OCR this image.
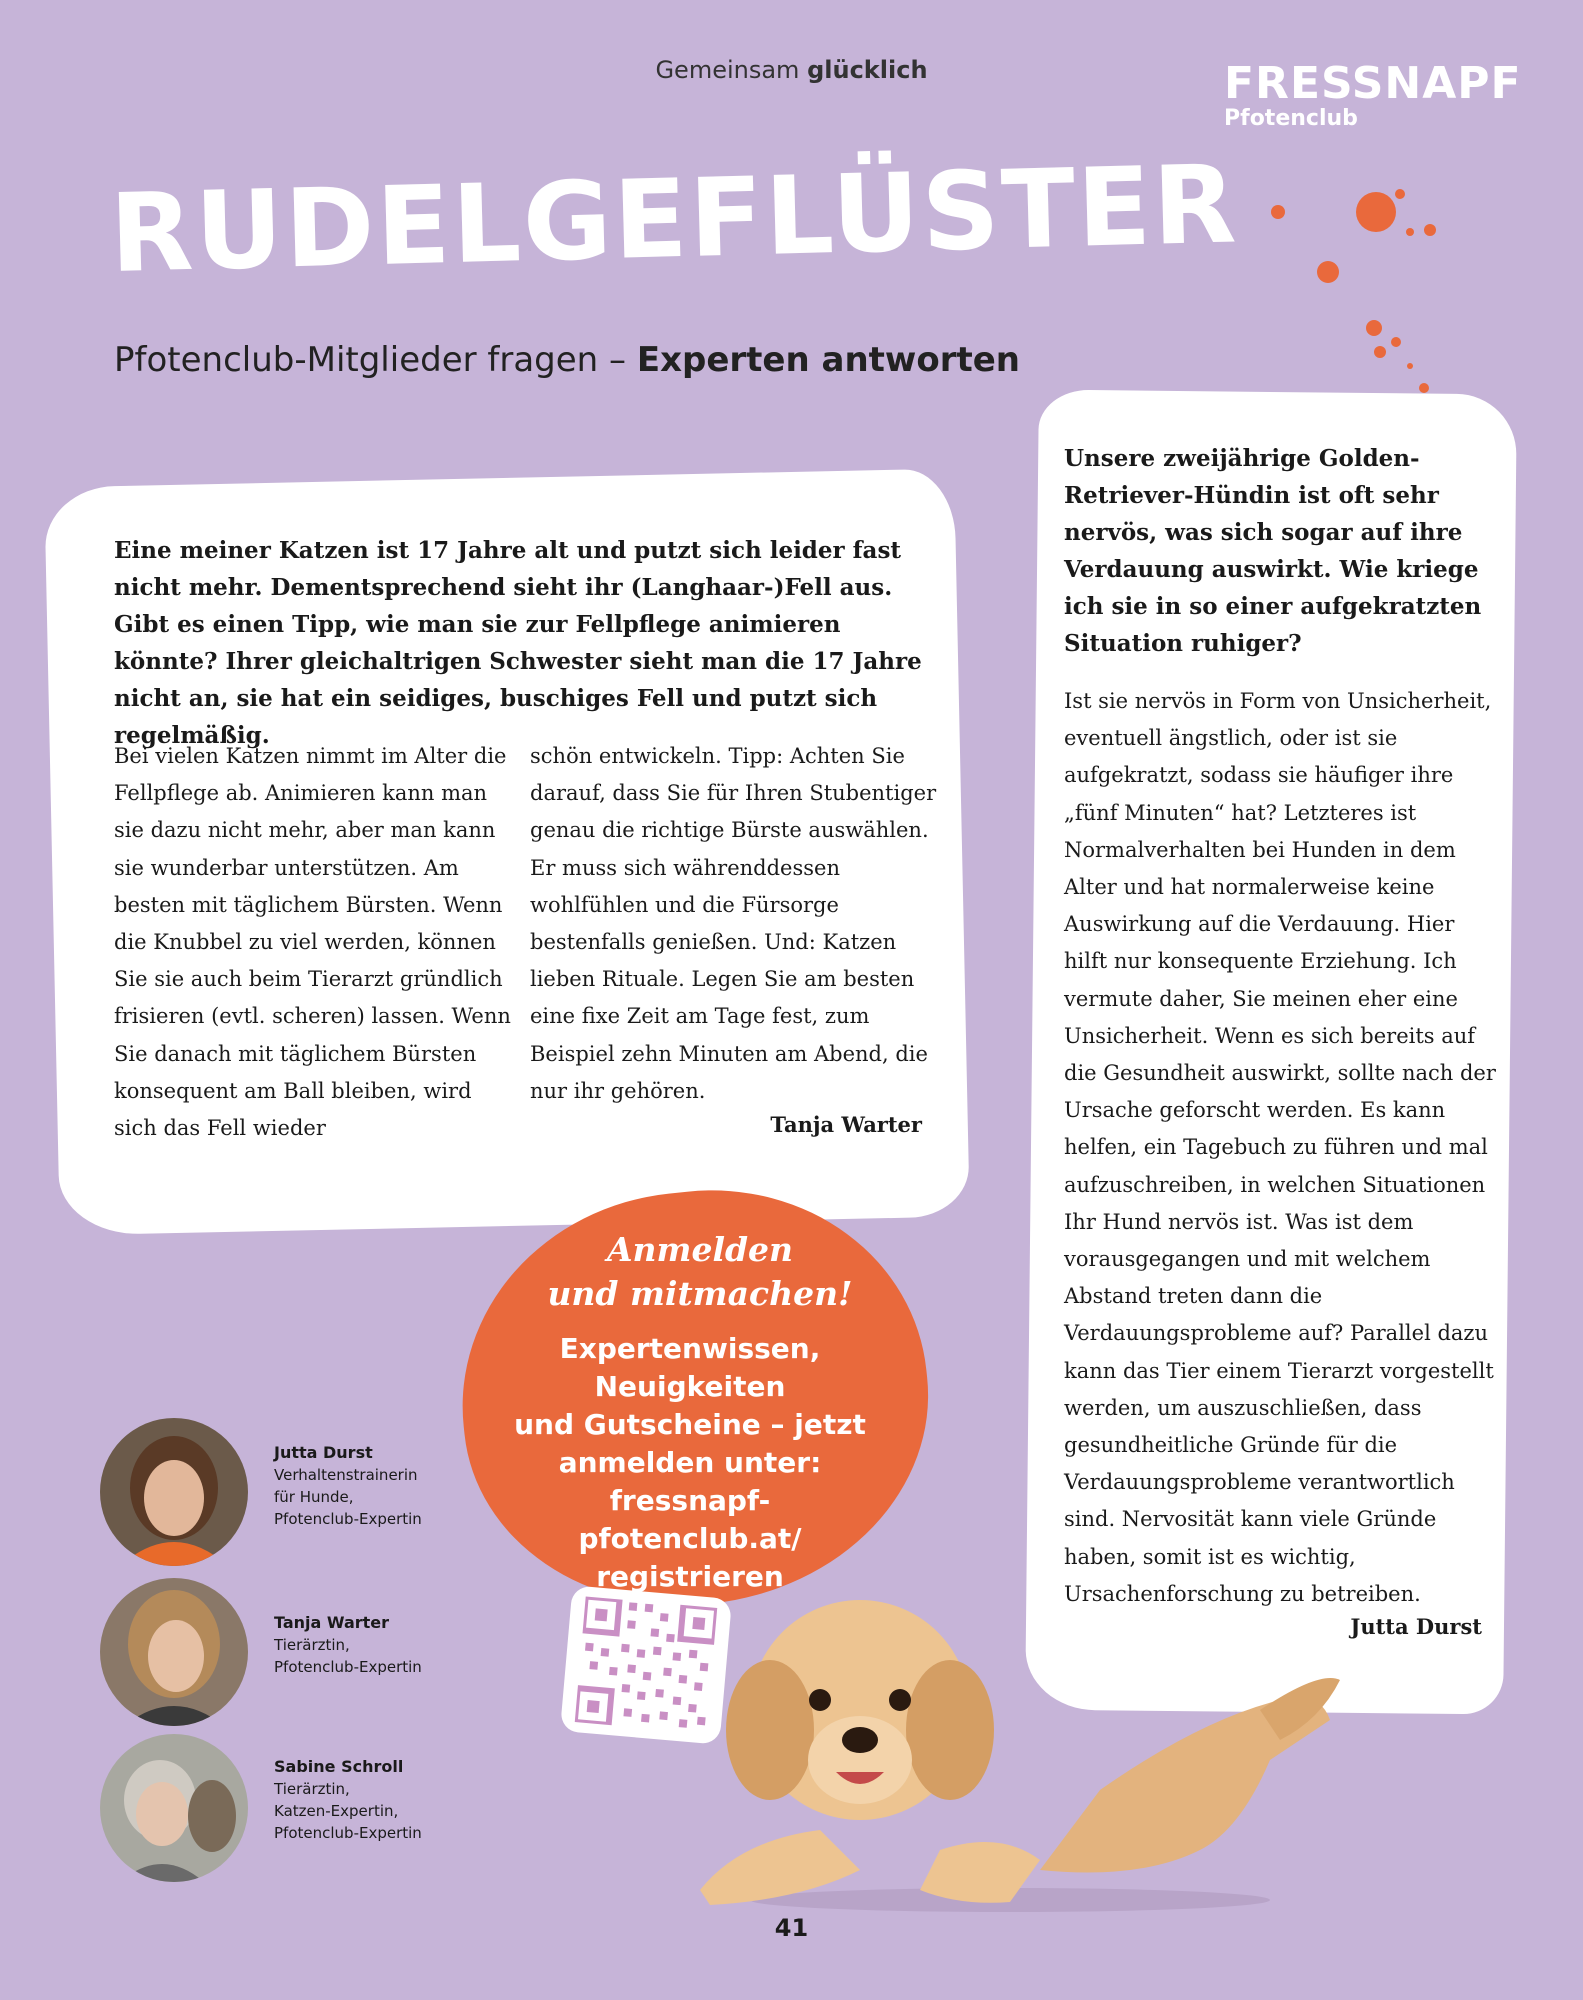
Gemeinsam glücklich	FRESSNAPF
Pfotenclub
RUDELGEFLÜSTER
Pfotenclub-Mitglieder fragen – Experten antworten
Eine meiner Katzen ist 17 Jahre alt und putzt sich leider fast nicht mehr. Dementsprechend sieht ihr (Langhaar-)Fell aus. Gibt es einen Tipp, wie man sie zur Fellpflege animieren könnte? Ihrer gleichaltrigen Schwester sieht man die 17 Jahre nicht an, sie hat ein seidiges, buschiges Fell und putzt sich regelmäßig.
Bei vielen Katzen nimmt im Alter die Fellpflege ab. Animieren kann man sie dazu nicht mehr, aber man kann sie wunderbar unterstützen. Am besten mit täglichem Bürsten. Wenn die Knubbel zu viel werden, können Sie sie auch beim Tierarzt gründlich frisieren (evtl. scheren) lassen. Wenn Sie danach mit täglichem Bürsten konsequent am Ball bleiben, wird sich das Fell wieder
schön entwickeln. Tipp: Achten Sie darauf, dass Sie für Ihren Stubentiger genau die richtige Bürste auswählen. Er muss sich währenddessen wohlfühlen und die Fürsorge bestenfalls genießen. Und: Katzen lieben Rituale. Legen Sie am besten eine fixe Zeit am Tage fest, zum Beispiel zehn Minuten am Abend, die nur ihr gehören.
Tanja Warter
Unsere zweijährige Golden-Retriever-Hündin ist oft sehr nervös, was sich sogar auf ihre Verdauung auswirkt. Wie kriege ich sie in so einer aufgekratzten Situation ruhiger?
Ist sie nervös in Form von Unsicherheit, eventuell ängstlich, oder ist sie aufgekratzt, sodass sie häufiger ihre „fünf Minuten“ hat? Letzteres ist Normalverhalten bei Hunden in dem Alter und hat normalerweise keine Auswirkung auf die Verdauung. Hier hilft nur konsequente Erziehung. Ich vermute daher, Sie meinen eher eine Unsicherheit. Wenn es sich bereits auf die Gesundheit auswirkt, sollte nach der Ursache geforscht werden. Es kann helfen, ein Tagebuch zu führen und mal aufzuschreiben, in welchen Situationen Ihr Hund nervös ist. Was ist dem vorausgegangen und mit welchem Abstand treten dann die Verdauungsprobleme auf? Parallel dazu kann das Tier einem Tierarzt vorgestellt werden, um auszuschließen, dass gesundheitliche Gründe für die Verdauungsprobleme verantwortlich sind. Nervosität kann viele Gründe haben, somit ist es wichtig, Ursachenforschung zu betreiben.
Jutta Durst
Anmelden
und mitmachen!
Expertenwissen,
Neuigkeiten
und Gutscheine – jetzt
anmelden unter:
fressnapf-pfotenclub.at/
registrieren
Jutta Durst
Verhaltenstrainerin
für Hunde,
Pfotenclub-Expertin
Tanja Warter
Tierärztin,
Pfotenclub-Expertin
Sabine Schroll
Tierärztin,
Katzen-Expertin,
Pfotenclub-Expertin
41
